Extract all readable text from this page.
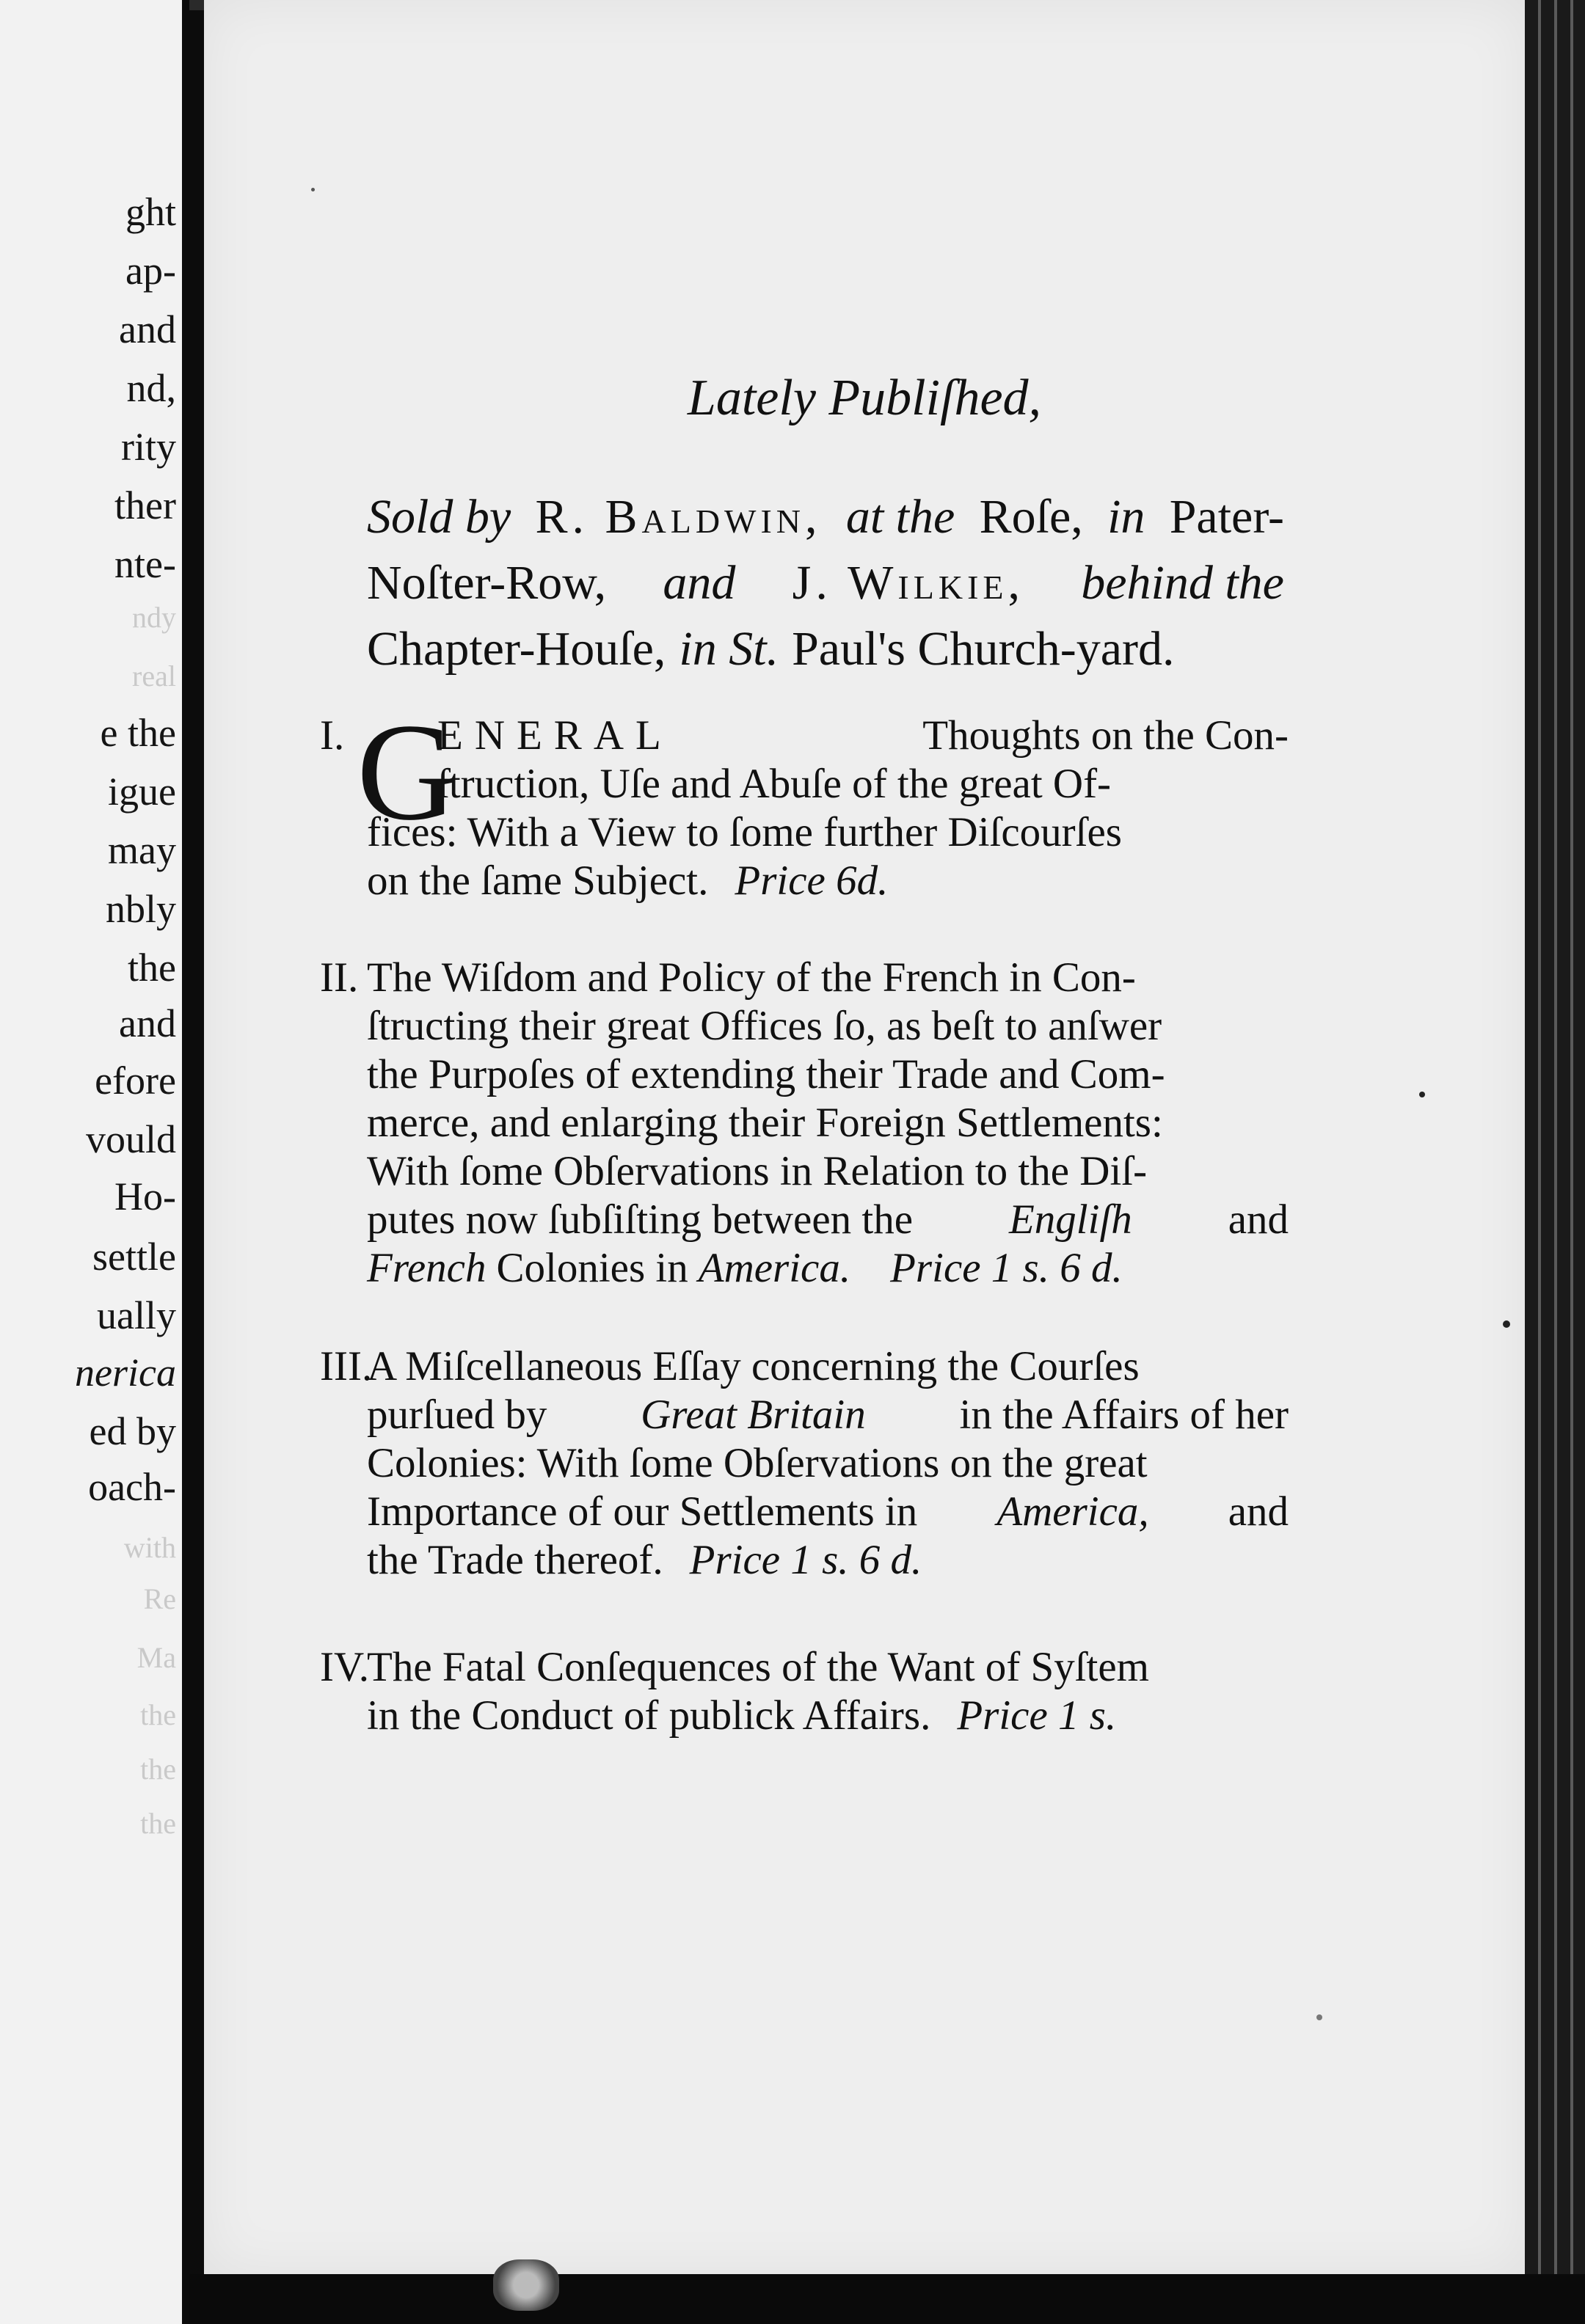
ght
ap-
and
nd,
rity
ther
nte-
ndy
real
e the
igue
may
nbly
the
and
efore
vould
Ho-
settle
ually
nerica
ed by
oach-
with
Re
Ma
the
the
the
Lately Publiſhed,
Sold by R. Baldwin, at the Roſe, in Pater-
Noſter-Row, and J. Wilkie, behind the
Chapter-Houſe, in St. Paul's Church-yard.
G
I.	ENERAL	Thoughts on the Con-
ſtruction, Uſe and Abuſe of the great Of-
fices: With a View to ſome further Diſcourſes
on the ſame Subject. Price 6d.
II. The Wiſdom and Policy of the French in Con-
ſtructing their great Offices ſo, as beſt to anſwer
the Purpoſes of extending their Trade and Com-
merce, and enlarging their Foreign Settlements:
With ſome Obſervations in Relation to the Diſ-
putes now ſubſiſting between the Engliſh and
French Colonies in America. Price 1 s. 6 d.
III.A Miſcellaneous Eſſay concerning the Courſes
purſued by Great Britain in the Affairs of her
Colonies: With ſome Obſervations on the great
Importance of our Settlements in America, and
the Trade thereof. Price 1 s. 6 d.
IV.The Fatal Conſequences of the Want of Syſtem
in the Conduct of publick Affairs. Price 1 s.
